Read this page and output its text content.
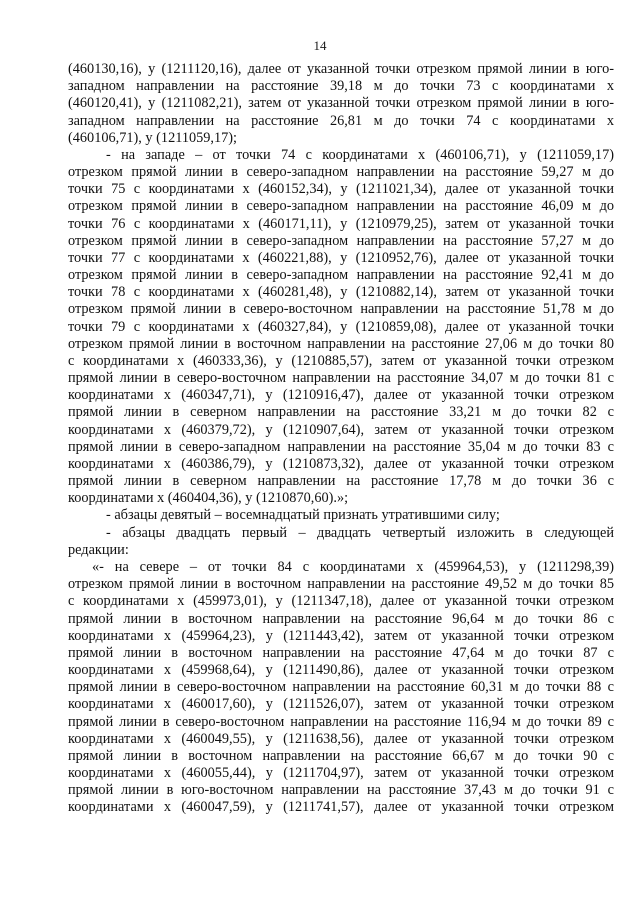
14
(460130,16), у (1211120,16), далее от указанной точки отрезком прямой линии в юго-
западном направлении на расстояние 39,18 м до точки 73 с координатами х
(460120,41), у (1211082,21), затем от указанной точки отрезком прямой линии в юго-
западном направлении на расстояние 26,81 м до точки 74 с координатами х
(460106,71), у (1211059,17);
- на западе – от точки 74 с координатами х (460106,71), у (1211059,17)
отрезком прямой линии в северо-западном направлении на расстояние 59,27 м до
точки 75 с координатами х (460152,34), у (1211021,34), далее от указанной точки
отрезком прямой линии в северо-западном направлении на расстояние 46,09 м до
точки 76 с координатами х (460171,11), у (1210979,25), затем от указанной точки
отрезком прямой линии в северо-западном направлении на расстояние 57,27 м до
точки 77 с координатами х (460221,88), у (1210952,76), далее от указанной точки
отрезком прямой линии в северо-западном направлении на расстояние 92,41 м до
точки 78 с координатами х (460281,48), у (1210882,14), затем от указанной точки
отрезком прямой линии в северо-восточном направлении на расстояние 51,78 м до
точки 79 с координатами х (460327,84), у (1210859,08), далее от указанной точки
отрезком прямой линии в восточном направлении на расстояние 27,06 м до точки 80
с координатами х (460333,36), у (1210885,57), затем от указанной точки отрезком
прямой линии в северо-восточном направлении на расстояние 34,07 м до точки 81 с
координатами х (460347,71), у (1210916,47), далее от указанной точки отрезком
прямой линии в северном направлении на расстояние 33,21 м до точки 82 с
координатами х (460379,72), у (1210907,64), затем от указанной точки отрезком
прямой линии в северо-западном направлении на расстояние 35,04 м до точки 83 с
координатами х (460386,79), у (1210873,32), далее от указанной точки отрезком
прямой линии в северном направлении на расстояние 17,78 м до точки 36 с
координатами х (460404,36), у (1210870,60).»;
- абзацы девятый – восемнадцатый признать утратившими силу;
- абзацы двадцать первый – двадцать четвертый изложить в следующей
редакции:
«- на севере – от точки 84 с координатами х (459964,53), у (1211298,39)
отрезком прямой линии в восточном направлении на расстояние 49,52 м до точки 85
с координатами х (459973,01), у (1211347,18), далее от указанной точки отрезком
прямой линии в восточном направлении на расстояние 96,64 м до точки 86 с
координатами х (459964,23), у (1211443,42), затем от указанной точки отрезком
прямой линии в восточном направлении на расстояние 47,64 м до точки 87 с
координатами х (459968,64), у (1211490,86), далее от указанной точки отрезком
прямой линии в северо-восточном направлении на расстояние 60,31 м до точки 88 с
координатами х (460017,60), у (1211526,07), затем от указанной точки отрезком
прямой линии в северо-восточном направлении на расстояние 116,94 м до точки 89 с
координатами х (460049,55), у (1211638,56), далее от указанной точки отрезком
прямой линии в восточном направлении на расстояние 66,67 м до точки 90 с
координатами х (460055,44), у (1211704,97), затем от указанной точки отрезком
прямой линии в юго-восточном направлении на расстояние 37,43 м до точки 91 с
координатами х (460047,59), у (1211741,57), далее от указанной точки отрезком
